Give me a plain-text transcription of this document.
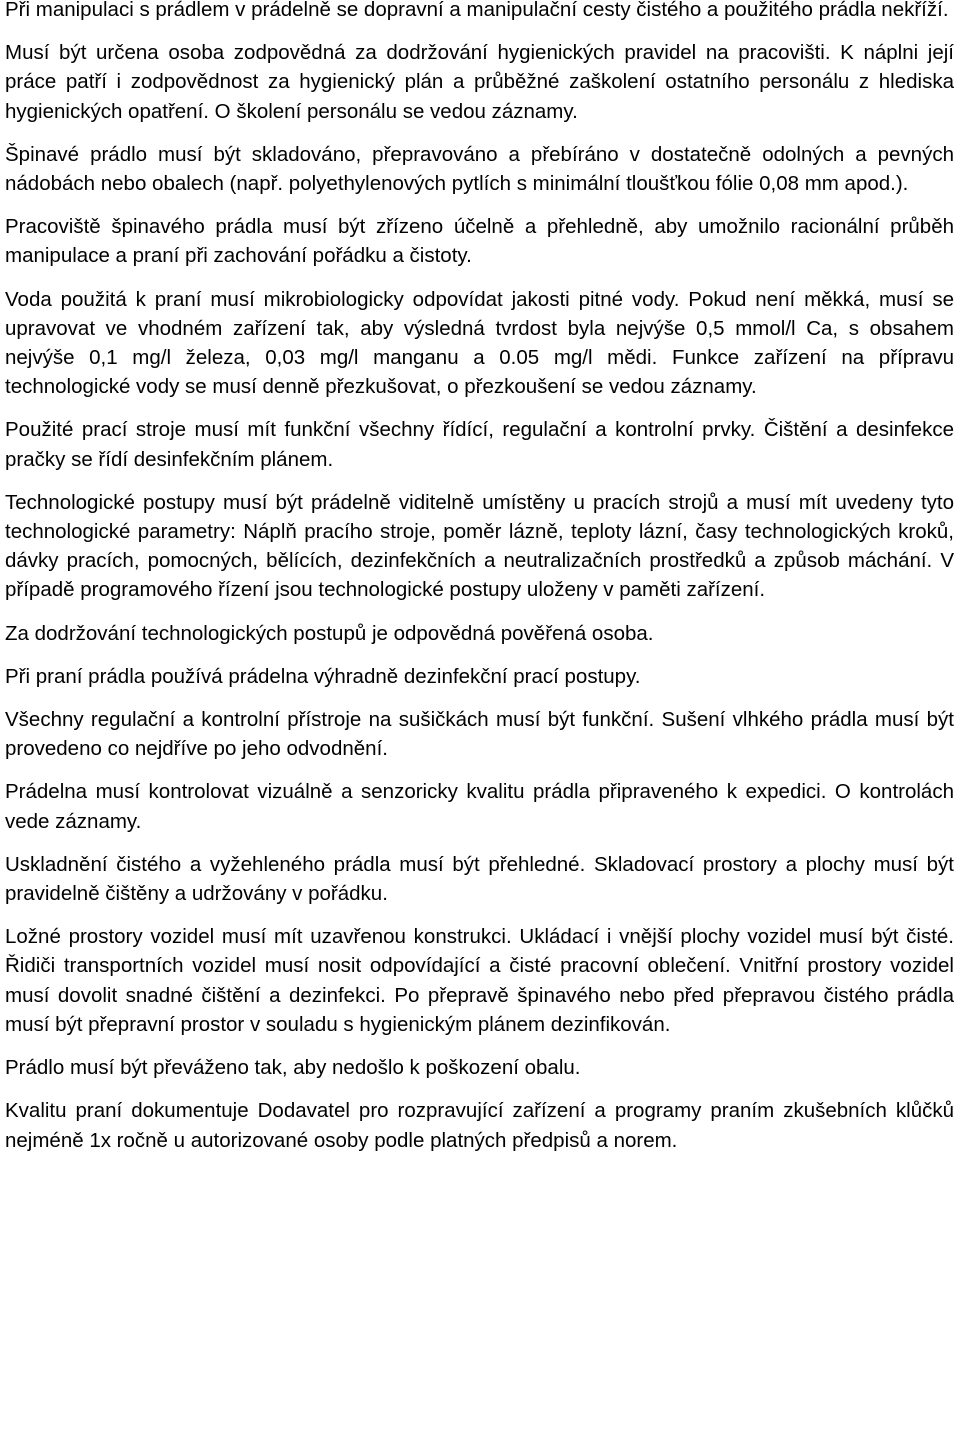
Při manipulaci s prádlem v prádelně se dopravní a manipulační cesty čistého a použitého prádla nekříží.

Musí být určena osoba zodpovědná za dodržování hygienických pravidel na pracovišti. K náplni její práce patří i zodpovědnost za hygienický plán a průběžné zaškolení ostatního personálu z hlediska hygienických opatření. O školení personálu se vedou záznamy.

Špinavé prádlo musí být skladováno, přepravováno a přebíráno v dostatečně odolných a pevných nádobách nebo obalech (např. polyethylenových pytlích s minimální tloušťkou fólie 0,08 mm apod.).

Pracoviště špinavého prádla musí být zřízeno účelně a přehledně, aby umožnilo racionální průběh manipulace a praní při zachování pořádku a čistoty.

Voda použitá k praní musí mikrobiologicky odpovídat jakosti pitné vody. Pokud není měkká, musí se upravovat ve vhodném zařízení tak, aby výsledná tvrdost byla nejvýše 0,5 mmol/l Ca, s obsahem nejvýše 0,1 mg/l železa, 0,03 mg/l manganu a 0.05 mg/l mědi. Funkce zařízení na přípravu technologické vody se musí denně přezkušovat, o přezkoušení se vedou záznamy.

Použité prací stroje musí mít funkční všechny řídící, regulační a kontrolní prvky. Čištění a desinfekce pračky se řídí desinfekčním plánem.

Technologické postupy musí být prádelně viditelně umístěny u pracích strojů a musí mít uvedeny tyto technologické parametry: Náplň pracího stroje, poměr lázně, teploty lázní, časy technologických kroků, dávky pracích, pomocných, bělících, dezinfekčních a neutralizačních prostředků a způsob máchání. V případě programového řízení jsou technologické postupy uloženy v paměti zařízení.

Za dodržování technologických postupů je odpovědná pověřená osoba.

Při praní prádla používá prádelna výhradně dezinfekční prací postupy.

Všechny regulační a kontrolní přístroje na sušičkách musí být funkční. Sušení vlhkého prádla musí být provedeno co nejdříve po jeho odvodnění.

Prádelna musí kontrolovat vizuálně a senzoricky kvalitu prádla připraveného k expedici. O kontrolách vede záznamy.

Uskladnění čistého a vyžehleného prádla musí být přehledné. Skladovací prostory a plochy musí být pravidelně čištěny a udržovány v pořádku.

Ložné prostory vozidel musí mít uzavřenou konstrukci. Ukládací i vnější plochy vozidel musí být čisté. Řidiči transportních vozidel musí nosit odpovídající a čisté pracovní oblečení. Vnitřní prostory vozidel musí dovolit snadné čištění a dezinfekci. Po přepravě špinavého nebo před přepravou čistého prádla musí být přepravní prostor v souladu s hygienickým plánem dezinfikován.

Prádlo musí být převáženo tak, aby nedošlo k poškození obalu.

Kvalitu praní dokumentuje Dodavatel pro rozpravující zařízení a programy praním zkušebních klůčků nejméně 1x ročně u autorizované osoby podle platných předpisů a norem.
